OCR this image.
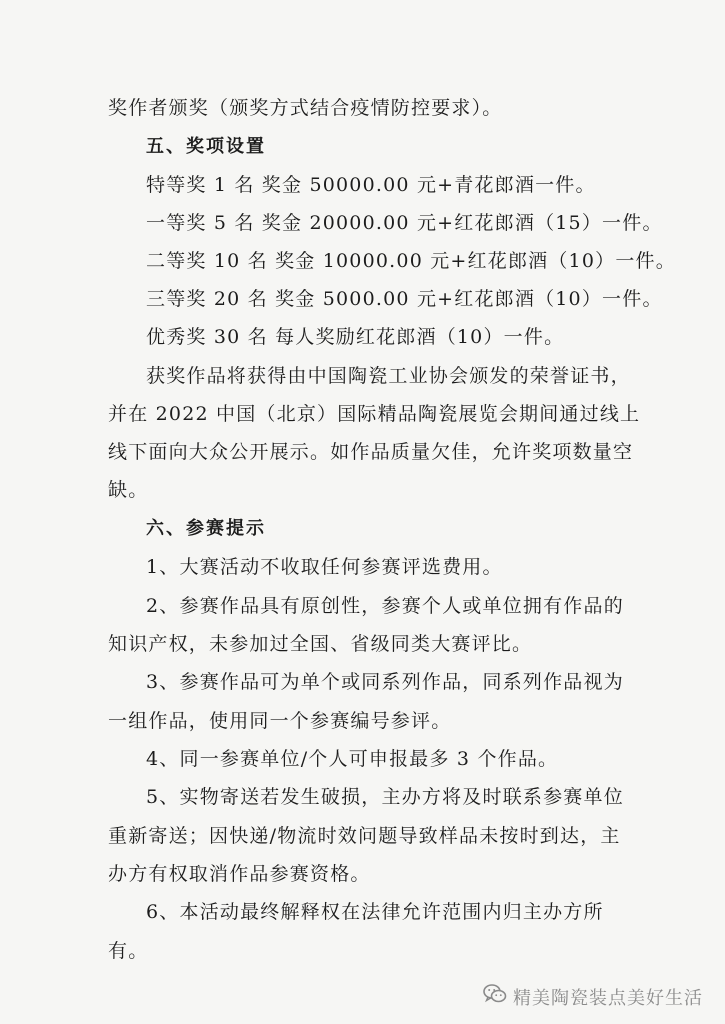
奖作者颁奖（颁奖方式结合疫情防控要求）。
五、奖项设置
特等奖 1 名 奖金 50000.00 元+青花郎酒一件。
一等奖 5 名 奖金 20000.00 元+红花郎酒（15）一件。
二等奖 10 名 奖金 10000.00 元+红花郎酒（10）一件。
三等奖 20 名 奖金 5000.00 元+红花郎酒（10）一件。
优秀奖 30 名 每人奖励红花郎酒（10）一件。
获奖作品将获得由中国陶瓷工业协会颁发的荣誉证书，
并在 2022 中国（北京）国际精品陶瓷展览会期间通过线上
线下面向大众公开展示。如作品质量欠佳，允许奖项数量空
缺。
六、参赛提示
1、大赛活动不收取任何参赛评选费用。
2、参赛作品具有原创性，参赛个人或单位拥有作品的
知识产权，未参加过全国、省级同类大赛评比。
3、参赛作品可为单个或同系列作品，同系列作品视为
一组作品，使用同一个参赛编号参评。
4、同一参赛单位/个人可申报最多 3 个作品。
5、实物寄送若发生破损，主办方将及时联系参赛单位
重新寄送；因快递/物流时效问题导致样品未按时到达，主
办方有权取消作品参赛资格。
6、本活动最终解释权在法律允许范围内归主办方所
有。
精美陶瓷装点美好生活
